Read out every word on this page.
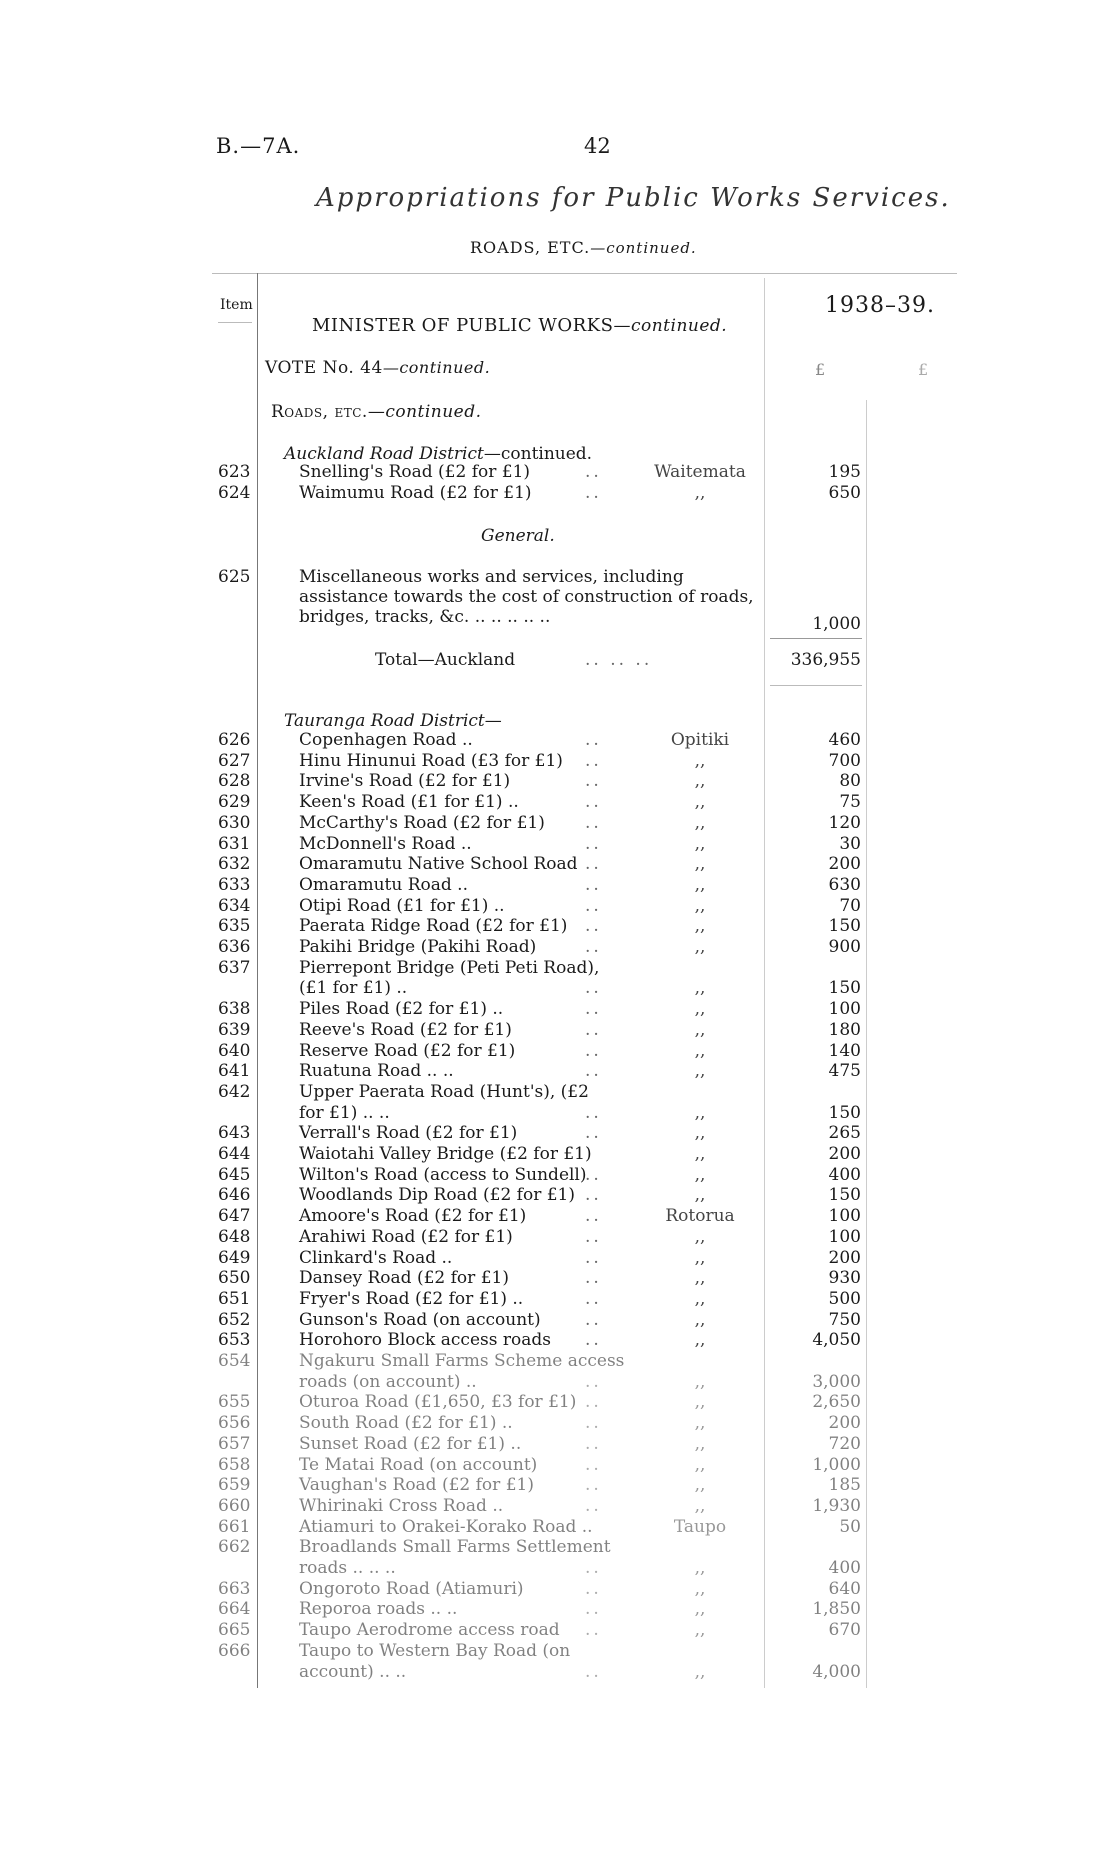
B.—7A.	42
Appropriations for Public Works Services.
ROADS, ETC.—continued.
Item	1938–39.
£	£
MINISTER OF PUBLIC WORKS—continued.
VOTE No. 44—continued.
Roads, etc.—continued.
Auckland Road District—continued.
623	Snelling's Road (£2 for £1)	..	Waitemata	195
624	Waimumu Road (£2 for £1)	..	,,	650
General.
625	Miscellaneous works and services, including assistance towards the cost of construction of roads, bridges, tracks, &c. .. .. .. .. ..	1,000
Total—Auckland	.. .. ..	336,955
Tauranga Road District—
626	Copenhagen Road ..	..	Opitiki	460
627	Hinu Hinunui Road (£3 for £1) ..	,,	700
628	Irvine's Road (£2 for £1)	..	,,	80
629	Keen's Road (£1 for £1) ..	..	,,	75
630	McCarthy's Road (£2 for £1) ..	,,	120
631	McDonnell's Road ..	..	,,	30
632	Omaramutu Native School Road ..	,,	200
633	Omaramutu Road ..	..	,,	630
634	Otipi Road (£1 for £1) ..	..	,,	70
635	Paerata Ridge Road (£2 for £1) ..	,,	150
636	Pakihi Bridge (Pakihi Road)	..	,,	900
637	Pierrepont Bridge (Peti Peti Road),
(£1 for £1) ..	..	,,	150
638	Piles Road (£2 for £1) ..	..	,,	100
639	Reeve's Road (£2 for £1)	..	,,	180
640	Reserve Road (£2 for £1)	..	,,	140
641	Ruatuna Road .. ..	..	,,	475
642	Upper Paerata Road (Hunt's), (£2
for £1) .. ..	..	,,	150
643	Verrall's Road (£2 for £1)	..	,,	265
644	Waiotahi Valley Bridge (£2 for £1)	,,	200
645	Wilton's Road (access to Sundell)
..	,,	400
646	Woodlands Dip Road (£2 for £1) ..	,,	150
647	Amoore's Road (£2 for £1)	..	Rotorua	100
648	Arahiwi Road (£2 for £1)	..	,,	100
649	Clinkard's Road ..	..	,,	200
650	Dansey Road (£2 for £1)	..	,,	930
651	Fryer's Road (£2 for £1) ..	..	,,	500
652	Gunson's Road (on account)	..	,,	750
653	Horohoro Block access roads ..	,,	4,050
654	Ngakuru Small Farms Scheme access
roads (on account) ..	..	,,	3,000
655	Oturoa Road (£1,650, £3 for £1) ..	,,	2,650
656	South Road (£2 for £1) ..	..	,,	200
657	Sunset Road (£2 for £1) ..	..	,,	720
658	Te Matai Road (on account)	..	,,	1,000
659	Vaughan's Road (£2 for £1)	..	,,	185
660	Whirinaki Cross Road ..	..	,,	1,930
661	Atiamuri to Orakei-Korako Road ..	Taupo	50
662	Broadlands Small Farms Settlement
roads .. .. ..	..	,,	400
663	Ongoroto Road (Atiamuri)	..	,,	640
664	Reporoa roads .. ..	..	,,	1,850
665	Taupo Aerodrome access road ..	,,	670
666	Taupo to Western Bay Road (on
account) .. ..	..	,,	4,000
